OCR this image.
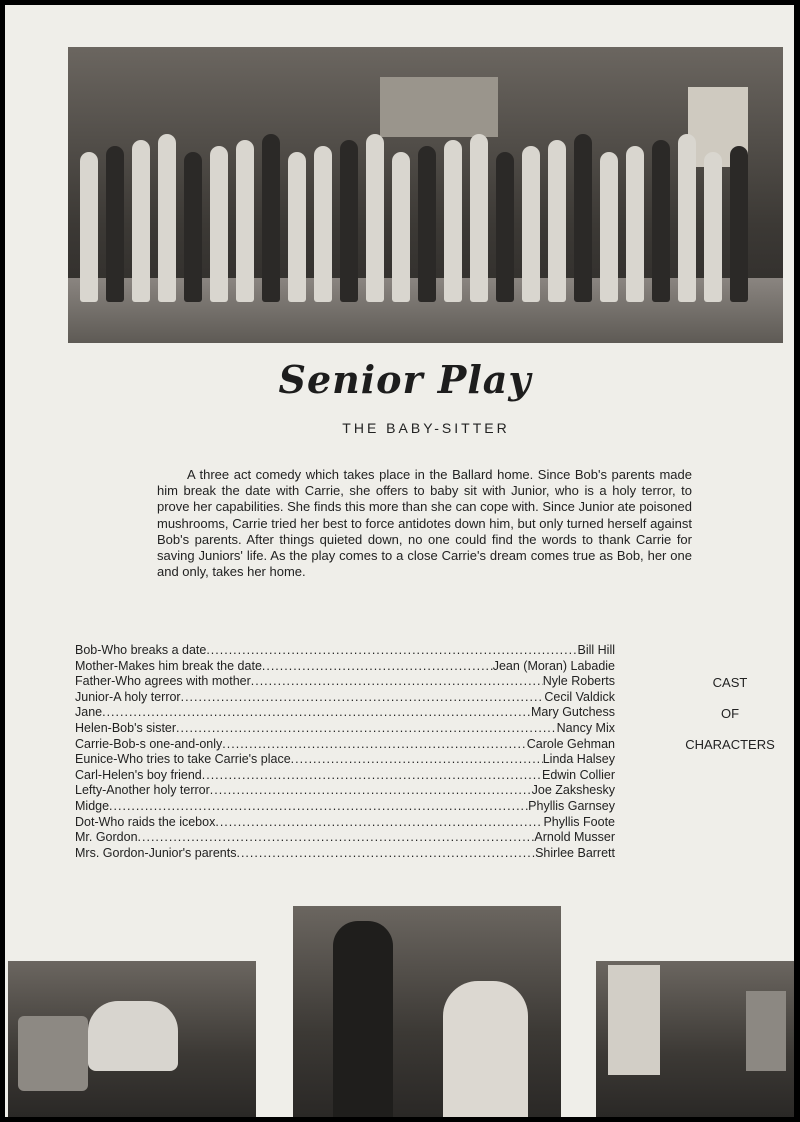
Senior Play
THE BABY-SITTER
A three act comedy which takes place in the Ballard home. Since Bob's parents made him break the date with Carrie, she offers to baby sit with Junior, who is a holy terror, to prove her capabilities. She finds this more than she can cope with. Since Junior ate poisoned mushrooms, Carrie tried her best to force antidotes down him, but only turned herself against Bob's parents. After things quieted down, no one could find the words to thank Carrie for saving Juniors' life. As the play comes to a close Carrie's dream comes true as Bob, her one and only, takes her home.
Bob-Who breaks a date .....	Bill Hill
Mother-Makes him break the date .....	Jean (Moran) Labadie
Father-Who agrees with mother .....	Nyle Roberts
Junior-A holy terror .....	Cecil Valdick
Jane .....	Mary Gutchess
Helen-Bob's sister .....	Nancy Mix
Carrie-Bob-s one-and-only .....	Carole Gehman
Eunice-Who tries to take Carrie's place .....	Linda Halsey
Carl-Helen's boy friend .....	Edwin Collier
Lefty-Another holy terror .....	Joe Zakshesky
Midge .....	Phyllis Garnsey
Dot-Who raids the icebox .....	Phyllis Foote
Mr. Gordon .....	Arnold Musser
Mrs. Gordon-Junior's parents .....	Shirlee Barrett
CAST
OF
CHARACTERS
